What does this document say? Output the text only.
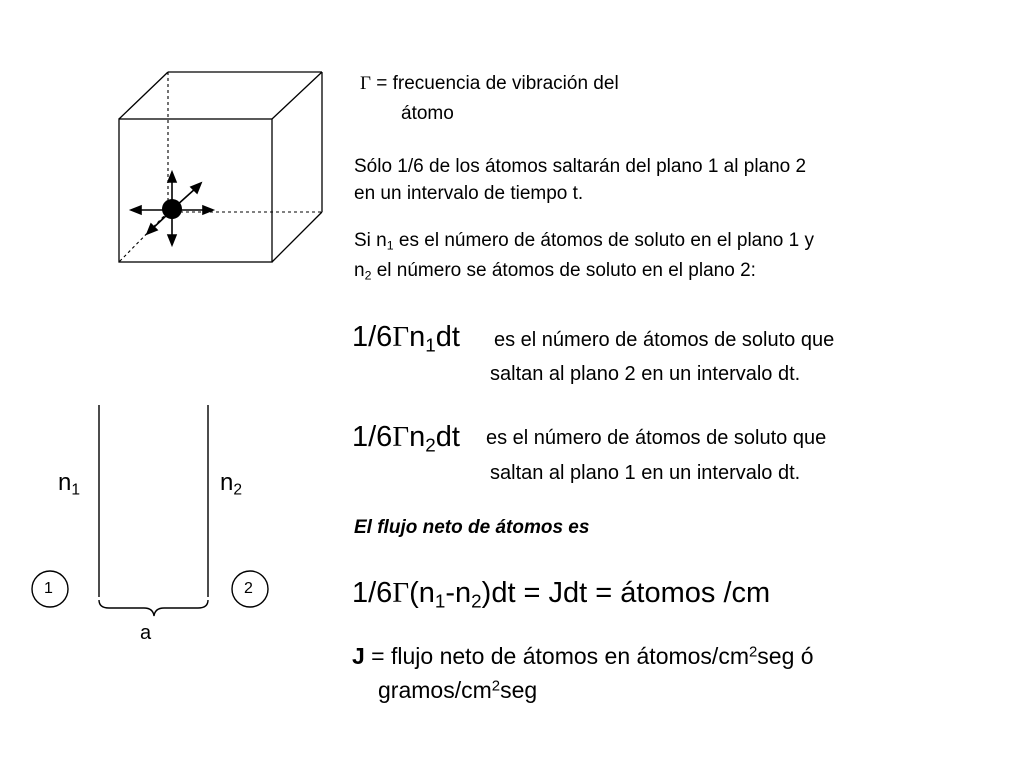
$n_1$	$n_2$
1	2
a
Γ = frecuencia de vibración del
átomo
Sólo 1/6 de los átomos saltarán del plano 1 al plano 2
en un intervalo de tiempo t.
Si $n_1$ es el número de átomos de soluto en el plano 1 y
$n_2$ el número se átomos de soluto en el plano 2:
$1/6\Gamma n_1dt$ es el número de átomos de soluto que
saltan al plano 2 en un intervalo dt.
$1/6\Gamma n_2dt$ es el número de átomos de soluto que
saltan al plano 1 en un intervalo dt.
El flujo neto de átomos es
$1/6\Gamma(n_1-n_2)dt$ = Jdt = átomos /cm
J = flujo neto de átomos en átomos/$cm^2seg$ ó
gramos/$cm^2seg$
